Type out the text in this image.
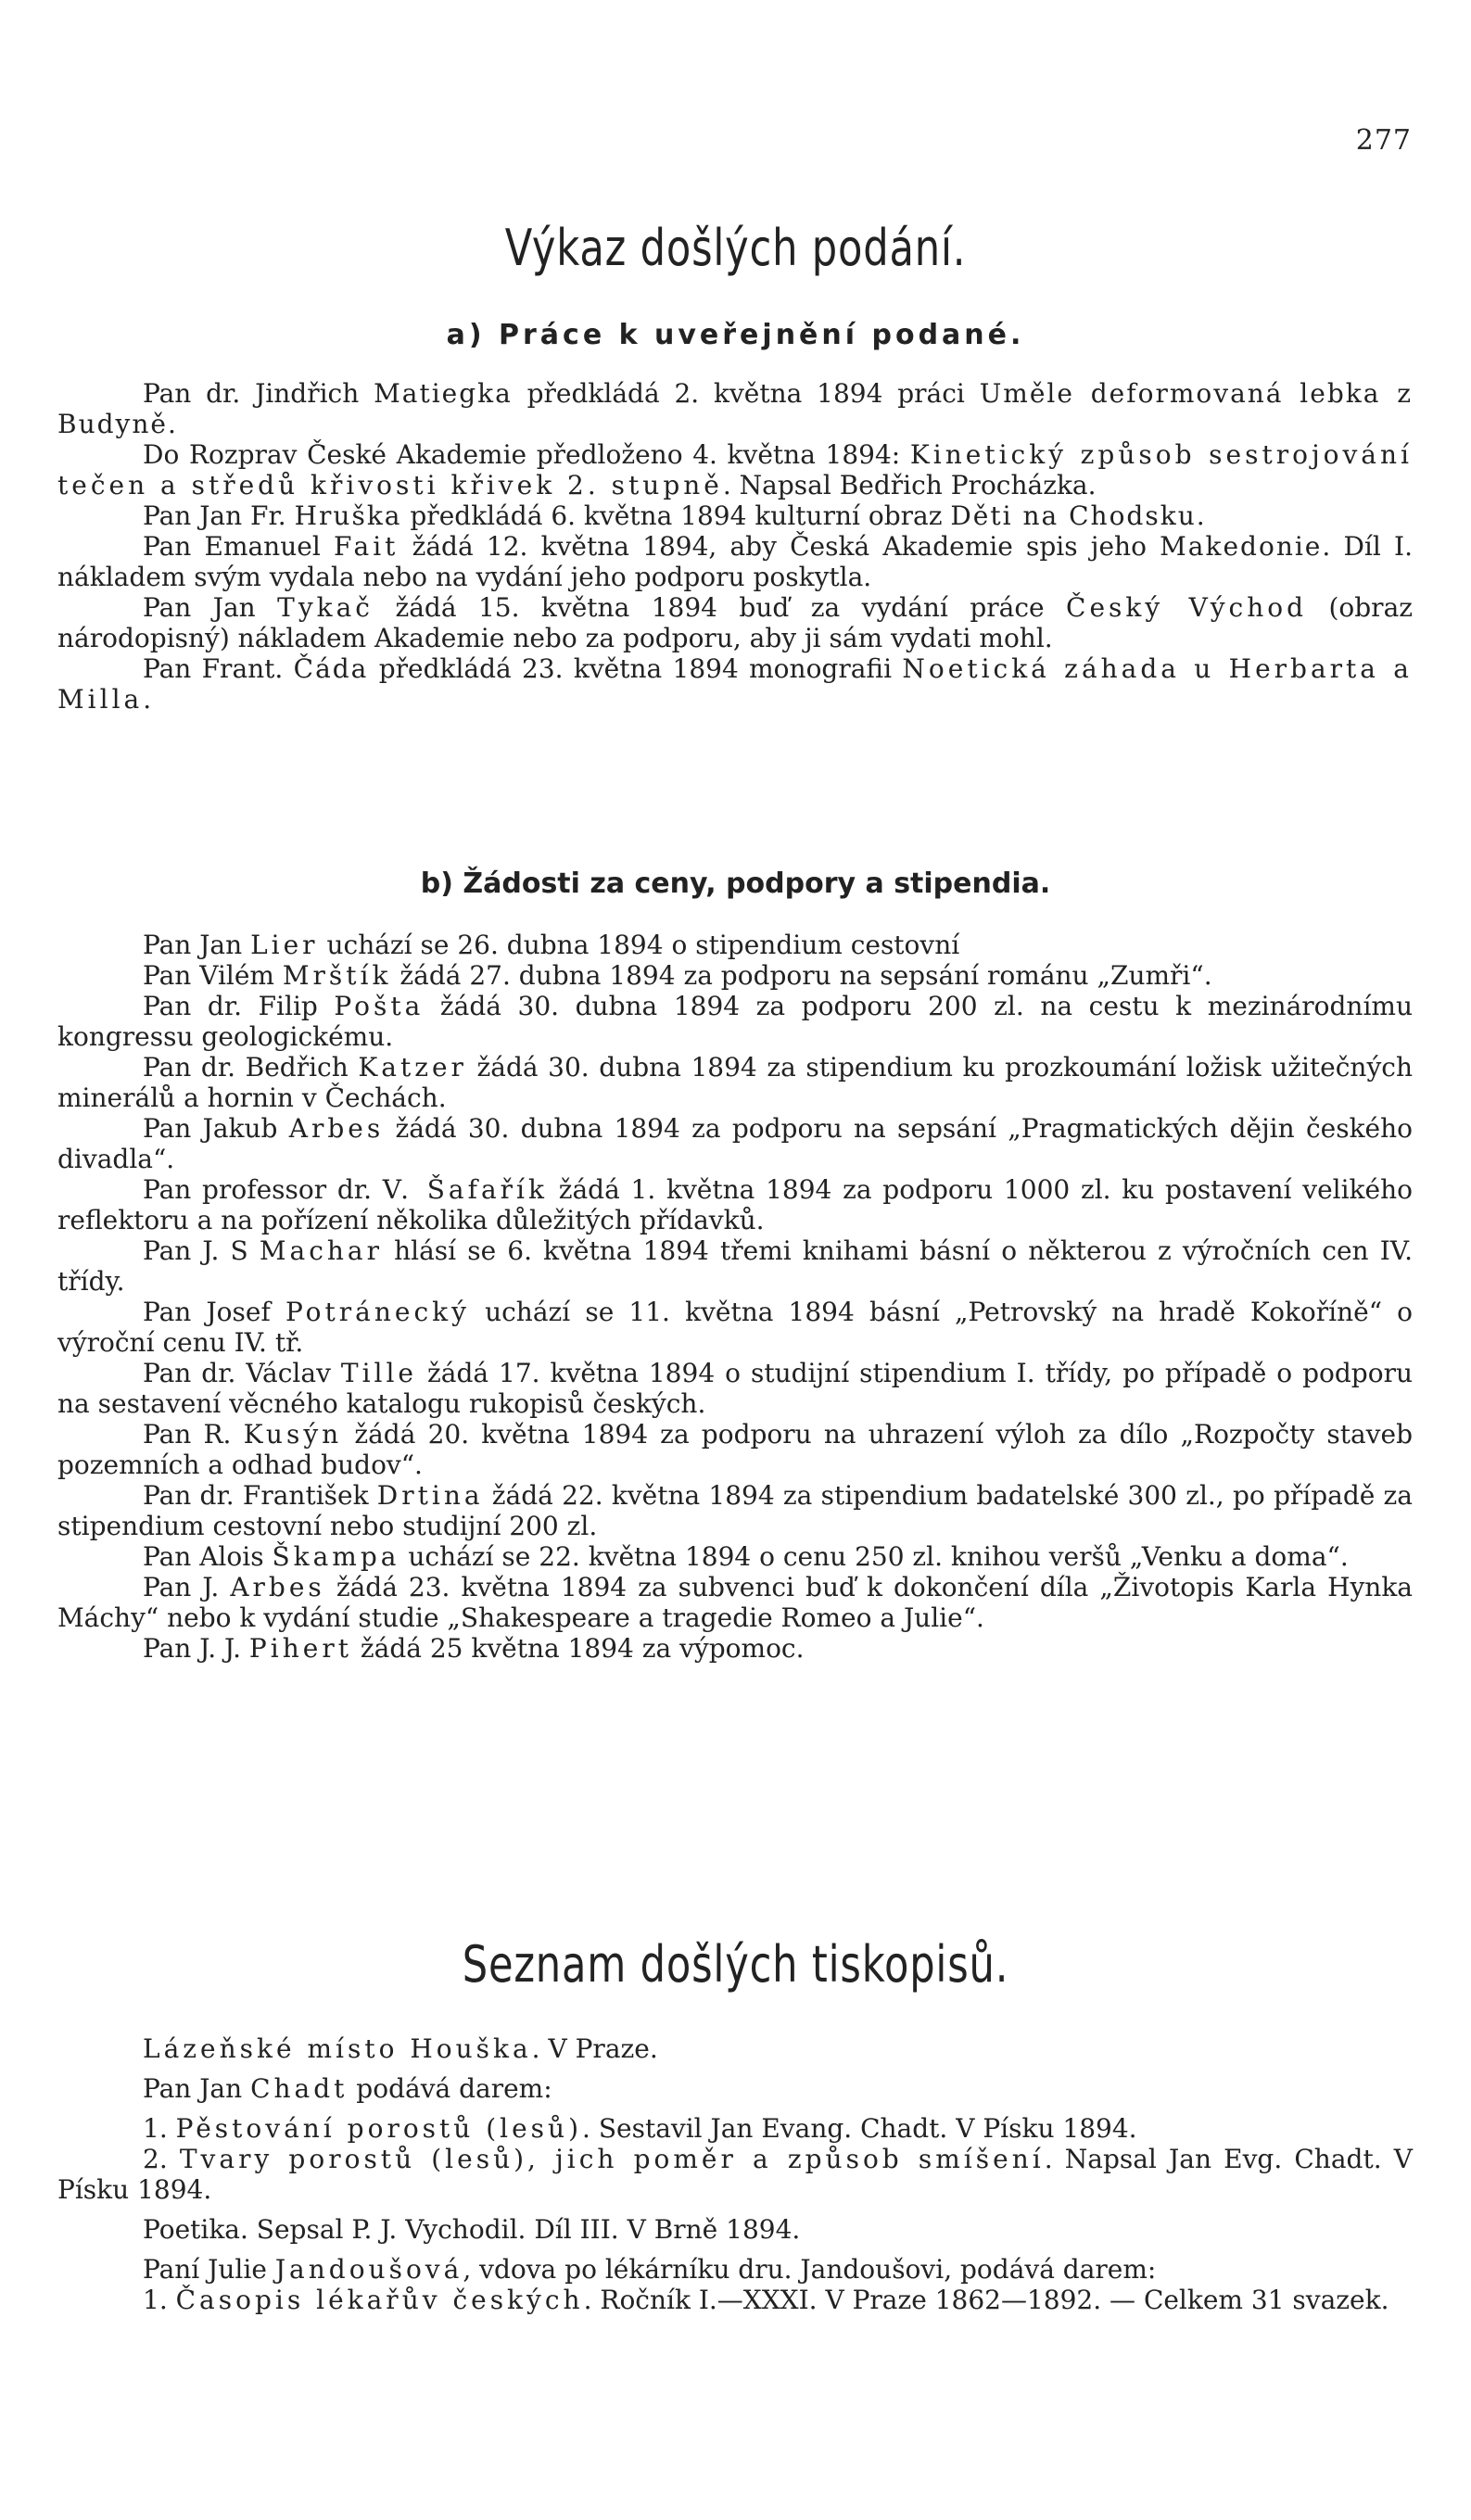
277
Výkaz došlých podání.
a) Práce k uveřejnění podané.

Pan dr. Jindřich Matiegka předkládá 2. května 1894 práci Uměle deformovaná lebka z Budyně.

Do Rozprav České Akademie předloženo 4. května 1894: Kinetický způsob sestrojování tečen a středů křivosti křivek 2. stupně. Napsal Bedřich Procházka.

Pan Jan Fr. Hruška předkládá 6. května 1894 kulturní obraz Děti na Chodsku.

Pan Emanuel Fait žádá 12. května 1894, aby Česká Akademie spis jeho Makedonie. Díl I. nákladem svým vydala nebo na vydání jeho podporu poskytla.

Pan Jan Tykač žádá 15. května 1894 buď za vydání práce Český Východ (obraz národopisný) nákladem Akademie nebo za podporu, aby ji sám vydati mohl.

Pan Frant. Čáda předkládá 23. května 1894 monografii Noetická záhada u Herbarta a Milla.

b) Žádosti za ceny, podpory a stipendia.

Pan Jan Lier uchází se 26. dubna 1894 o stipendium cestovní

Pan Vilém Mrštík žádá 27. dubna 1894 za podporu na sepsání románu „Zumři“.

Pan dr. Filip Pošta žádá 30. dubna 1894 za podporu 200 zl. na cestu k mezinárodnímu kongressu geologickému.

Pan dr. Bedřich Katzer žádá 30. dubna 1894 za stipendium ku prozkoumání ložisk užitečných minerálů a hornin v Čechách.

Pan Jakub Arbes žádá 30. dubna 1894 za podporu na sepsání „Pragmatických dějin českého divadla“.

Pan professor dr. V. Šafařík žádá 1. května 1894 za podporu 1000 zl. ku postavení velikého reflektoru a na pořízení několika důležitých přídavků.

Pan J. S Machar hlásí se 6. května 1894 třemi knihami básní o některou z výročních cen IV. třídy.

Pan Josef Potránecký uchází se 11. května 1894 básní „Petrovský na hradě Kokoříně“ o výroční cenu IV. tř.

Pan dr. Václav Tille žádá 17. května 1894 o studijní stipendium I. třídy, po případě o podporu na sestavení věcného katalogu rukopisů českých.

Pan R. Kusýn žádá 20. května 1894 za podporu na uhrazení výloh za dílo „Rozpočty staveb pozemních a odhad budov“.

Pan dr. František Drtina žádá 22. května 1894 za stipendium badatelské 300 zl., po případě za stipendium cestovní nebo studijní 200 zl.

Pan Alois Škampa uchází se 22. května 1894 o cenu 250 zl. knihou veršů „Venku a doma“.

Pan J. Arbes žádá 23. května 1894 za subvenci buď k dokončení díla „Životopis Karla Hynka Máchy“ nebo k vydání studie „Shakespeare a tragedie Romeo a Julie“.

Pan J. J. Pihert žádá 25 května 1894 za výpomoc.

Seznam došlých tiskopisů.

Lázeňské místo Houška. V Praze.

Pan Jan Chadt podává darem:

1. Pěstování porostů (lesů). Sestavil Jan Evang. Chadt. V Písku 1894.

2. Tvary porostů (lesů), jich poměr a způsob smíšení. Napsal Jan Evg. Chadt. V Písku 1894.

Poetika. Sepsal P. J. Vychodil. Díl III. V Brně 1894.

Paní Julie Jandoušová, vdova po lékárníku dru. Jandoušovi, podává darem:

1. Časopis lékařův českých. Ročník I.—XXXI. V Praze 1862—1892. — Celkem 31 svazek.
